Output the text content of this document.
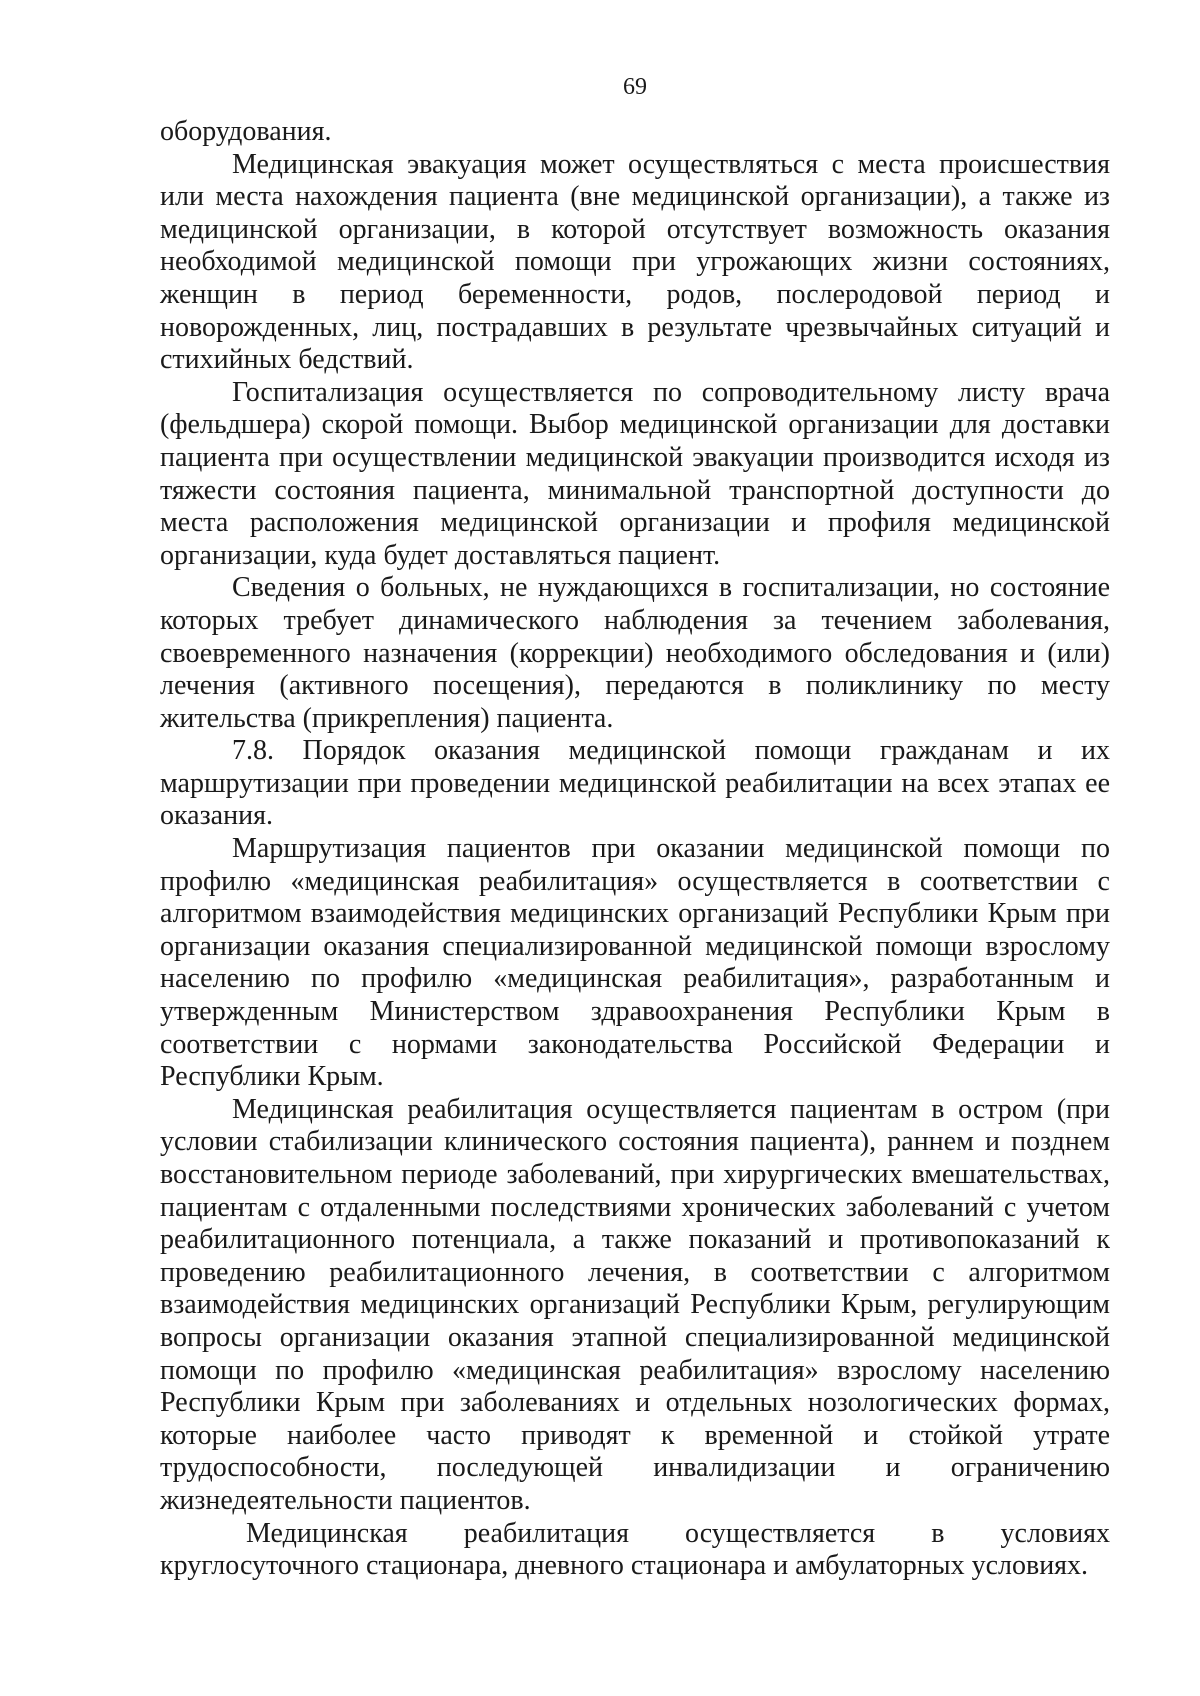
69

оборудования.

Медицинская эвакуация может осуществляться с места происшествия или места нахождения пациента (вне медицинской организации), а также из медицинской организации, в которой отсутствует возможность оказания необходимой медицинской помощи при угрожающих жизни состояниях, женщин в период беременности, родов, послеродовой период и новорожденных, лиц, пострадавших в результате чрезвычайных ситуаций и стихийных бедствий.

Госпитализация осуществляется по сопроводительному листу врача (фельдшера) скорой помощи. Выбор медицинской организации для доставки пациента при осуществлении медицинской эвакуации производится исходя из тяжести состояния пациента, минимальной транспортной доступности до места расположения медицинской организации и профиля медицинской организации, куда будет доставляться пациент.

Сведения о больных, не нуждающихся в госпитализации, но состояние которых требует динамического наблюдения за течением заболевания, своевременного назначения (коррекции) необходимого обследования и (или) лечения (активного посещения), передаются в поликлинику по месту жительства (прикрепления) пациента.

7.8. Порядок оказания медицинской помощи гражданам и их маршрутизации при проведении медицинской реабилитации на всех этапах ее оказания.

Маршрутизация пациентов при оказании медицинской помощи по профилю «медицинская реабилитация» осуществляется в соответствии с алгоритмом взаимодействия медицинских организаций Республики Крым при организации оказания специализированной медицинской помощи взрослому населению по профилю «медицинская реабилитация», разработанным и утвержденным Министерством здравоохранения Республики Крым в соответствии с нормами законодательства Российской Федерации и Республики Крым.

Медицинская реабилитация осуществляется пациентам в остром (при условии стабилизации клинического состояния пациента), раннем и позднем восстановительном периоде заболеваний, при хирургических вмешательствах, пациентам с отдаленными последствиями хронических заболеваний с учетом реабилитационного потенциала, а также показаний и противопоказаний к проведению реабилитационного лечения, в соответствии с алгоритмом взаимодействия медицинских организаций Республики Крым, регулирующим вопросы организации оказания этапной специализированной медицинской помощи по профилю «медицинская реабилитация» взрослому населению Республики Крым при заболеваниях и отдельных нозологических формах, которые наиболее часто приводят к временной и стойкой утрате трудоспособности, последующей инвалидизации и ограничению жизнедеятельности пациентов.

Медицинская реабилитация осуществляется в условиях круглосуточного стационара, дневного стационара и амбулаторных условиях.
